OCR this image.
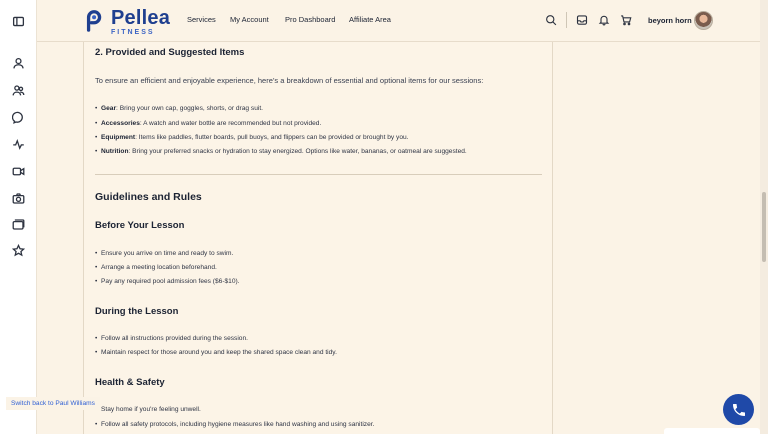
Pellea
FITNESS
Services My Account Pro Dashboard Affiliate Area	beyorn horn
2. Provided and Suggested Items
To ensure an efficient and enjoyable experience, here’s a breakdown of essential and optional items for our sessions:
• Gear: Bring your own cap, goggles, shorts, or drag suit.
• Accessories: A watch and water bottle are recommended but not provided.
• Equipment: Items like paddles, flutter boards, pull buoys, and flippers can be provided or brought by you.
• Nutrition: Bring your preferred snacks or hydration to stay energized. Options like water, bananas, or oatmeal are suggested.
Guidelines and Rules
Before Your Lesson
• Ensure you arrive on time and ready to swim.
• Arrange a meeting location beforehand.
• Pay any required pool admission fees ($6-$10).
During the Lesson
• Follow all instructions provided during the session.
• Maintain respect for those around you and keep the shared space clean and tidy.
Health & Safety
• Stay home if you're feeling unwell.
• Follow all safety protocols, including hygiene measures like hand washing and using sanitizer.
Switch back to Paul Williams
